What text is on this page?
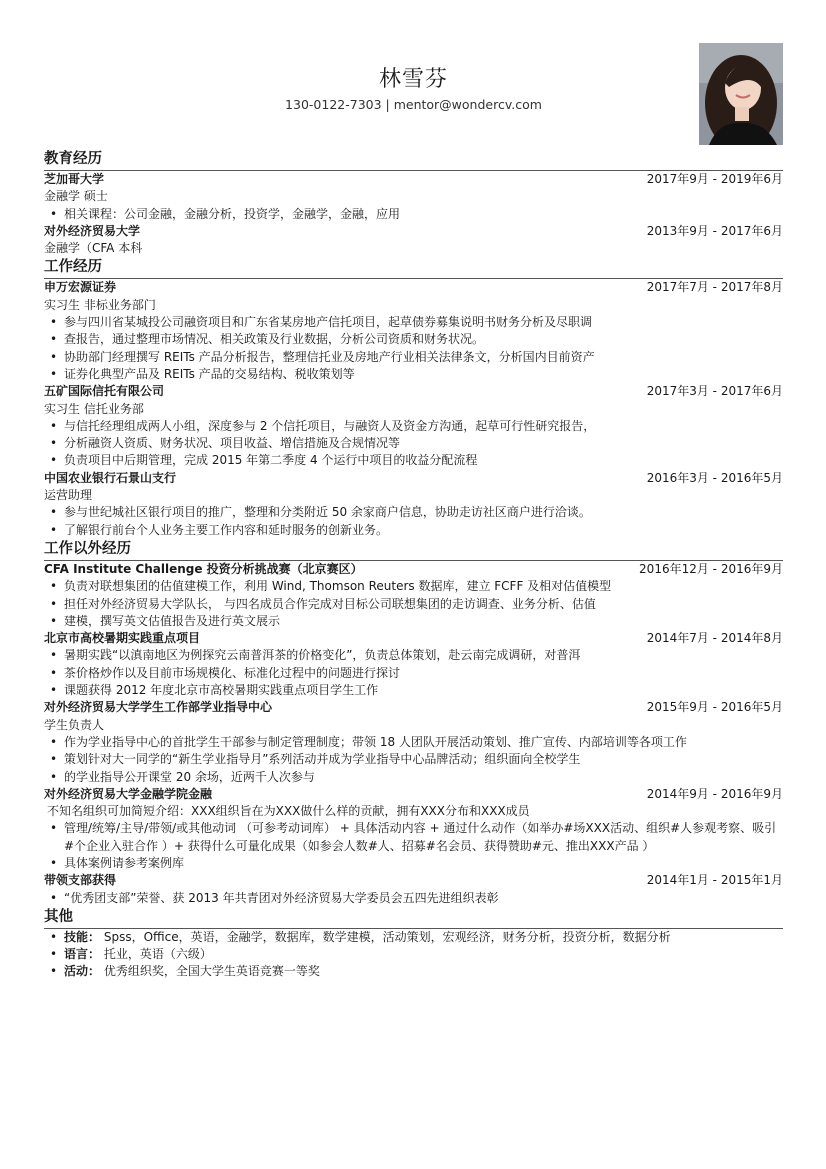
林雪芬
130-0122-7303 | mentor@wondercv.com
教育经历
芝加哥大学	2017年9月 - 2019年6月
金融学 硕士
• 相关课程：公司金融，金融分析，投资学，金融学，金融，应用
对外经济贸易大学	2013年9月 - 2017年6月
金融学（CFA 本科
工作经历
申万宏源证券	2017年7月 - 2017年8月
实习生 非标业务部门
• 参与四川省某城投公司融资项目和广东省某房地产信托项目，起草债券募集说明书财务分析及尽职调
• 查报告，通过整理市场情况、相关政策及行业数据，分析公司资质和财务状况。
• 协助部门经理撰写 REITs 产品分析报告，整理信托业及房地产行业相关法律条文，分析国内目前资产
• 证券化典型产品及 REITs 产品的交易结构、税收策划等
五矿国际信托有限公司	2017年3月 - 2017年6月
实习生 信托业务部
• 与信托经理组成两人小组，深度参与 2 个信托项目，与融资人及资金方沟通，起草可行性研究报告，
• 分析融资人资质、财务状况、项目收益、增信措施及合规情况等
• 负责项目中后期管理，完成 2015 年第二季度 4 个运行中项目的收益分配流程
中国农业银行石景山支行	2016年3月 - 2016年5月
运营助理
• 参与世纪城社区银行项目的推广，整理和分类附近 50 余家商户信息，协助走访社区商户进行洽谈。
• 了解银行前台个人业务主要工作内容和延时服务的创新业务。
工作以外经历
CFA Institute Challenge 投资分析挑战赛（北京赛区）	2016年12月 - 2016年9月
• 负责对联想集团的估值建模工作，利用 Wind, Thomson Reuters 数据库，建立 FCFF 及相对估值模型
• 担任对外经济贸易大学队长， 与四名成员合作完成对目标公司联想集团的走访调查、业务分析、估值
• 建模，撰写英文估值报告及进行英文展示
北京市高校暑期实践重点项目	2014年7月 - 2014年8月
• 暑期实践“以滇南地区为例探究云南普洱茶的价格变化”，负责总体策划，赴云南完成调研，对普洱
• 茶价格炒作以及目前市场规模化、标准化过程中的问题进行探讨
• 课题获得 2012 年度北京市高校暑期实践重点项目学生工作
对外经济贸易大学学生工作部学业指导中心	2015年9月 - 2016年5月
学生负责人
• 作为学业指导中心的首批学生干部参与制定管理制度；带领 18 人团队开展活动策划、推广宣传、内部培训等各项工作
• 策划针对大一同学的“新生学业指导月”系列活动并成为学业指导中心品牌活动；组织面向全校学生
• 的学业指导公开课堂 20 余场，近两千人次参与
对外经济贸易大学金融学院金融	2014年9月 - 2016年9月
不知名组织可加简短介绍：XXX组织旨在为XXX做什么样的贡献，拥有XXX分布和XXX成员
• 管理/统筹/主导/带领/或其他动词 （可参考动词库） + 具体活动内容 + 通过什么动作（如举办#场XXX活动、组织#人参观考察、吸引#个企业入驻合作 ）+ 获得什么可量化成果（如参会人数#人、招募#名会员、获得赞助#元、推出XXX产品 ）
• 具体案例请参考案例库
带领支部获得	2014年1月 - 2015年1月
• “优秀团支部”荣誉、获 2013 年共青团对外经济贸易大学委员会五四先进组织表彰
其他
• 技能： Spss，Office，英语，金融学，数据库，数学建模，活动策划，宏观经济，财务分析，投资分析，数据分析
• 语言： 托业，英语（六级）
• 活动： 优秀组织奖，全国大学生英语竞赛一等奖
